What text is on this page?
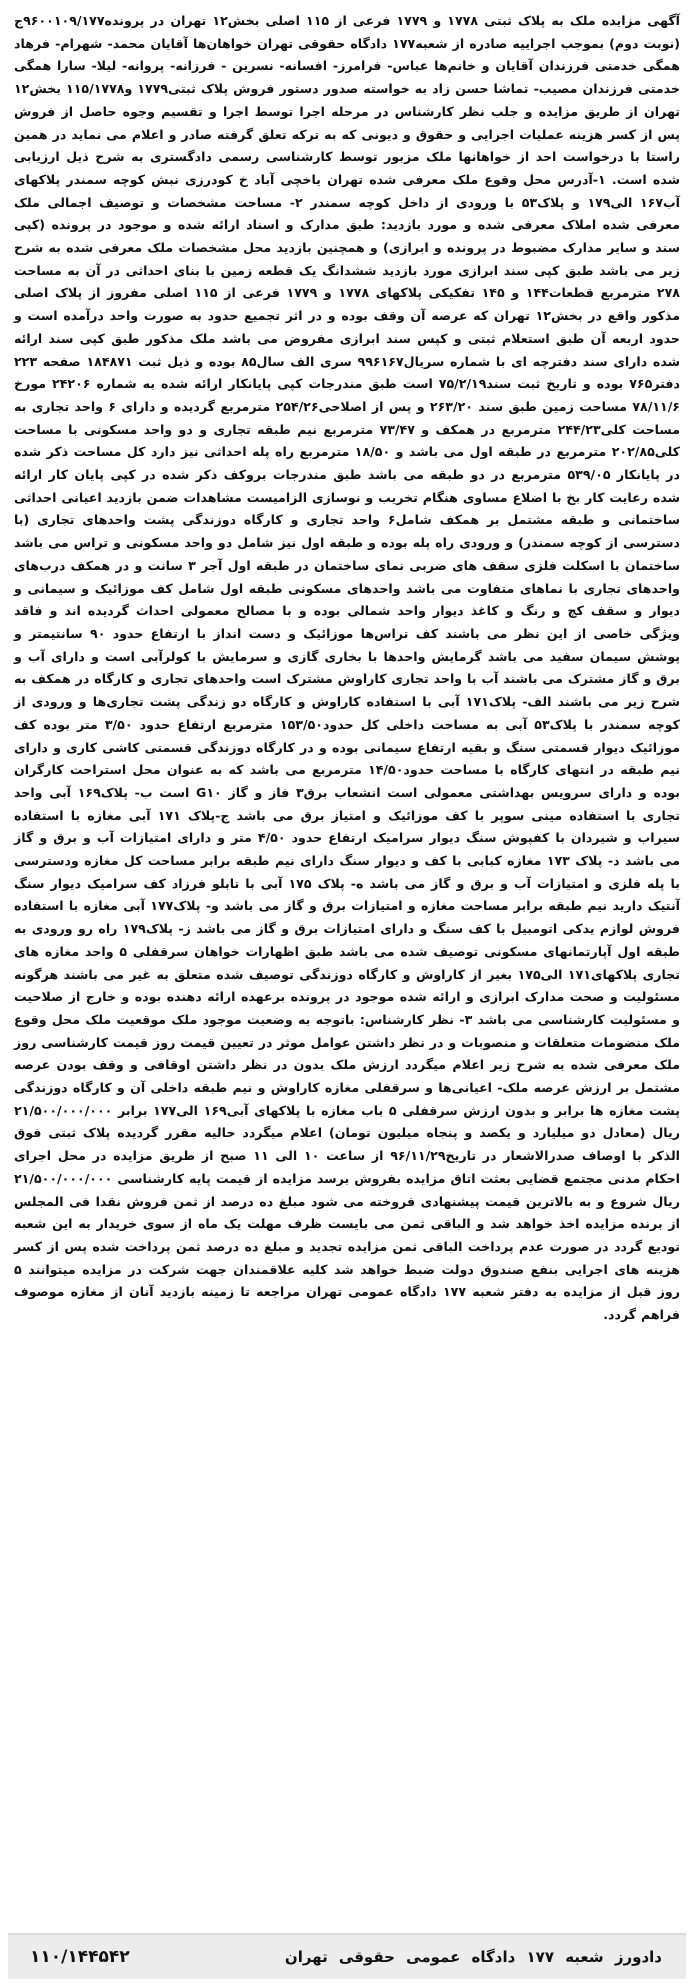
آگهی مزایده ملک به پلاک ثبتی ۱۷۷۸ و ۱۷۷۹ فرعی از ۱۱۵ اصلی بخش۱۲ تهران در پرونده۹۶۰۰۱۰۹/۱۷۷ج (نوبت دوم) بموجب اجراییه صادره از شعبه۱۷۷ دادگاه حقوقی تهران خواهان‌ها آقایان محمد- شهرام- فرهاد همگی خدمتی فرزندان آقایان و خانم‌ها عباس- فرامرز- افسانه- نسرین - فرزانه- پروانه- لیلا- سارا همگی خدمتی فرزندان مصیب- تماشا حسن زاد به خواسته صدور دستور فروش پلاک ثبتی۱۷۷۹ و۱۱۵/۱۷۷۸ بخش۱۲ تهران از طریق مزایده و جلب نظر کارشناس در مرحله اجرا توسط اجرا و تقسیم وجوه حاصل از فروش پس از کسر هزینه عملیات اجرایی و حقوق و دیونی که به ترکه تعلق گرفته صادر و اعلام می نماید در همین راستا با درخواست احد از خواهانها ملک مزبور توسط کارشناسی رسمی دادگستری به شرح ذیل ارزیابی شده است. ۱-آدرس محل وقوع ملک معرفی شده تهران یاخچی آباد خ کودرزی نبش کوچه سمندر پلاکهای آب۱۶۷ الی۱۷۹ و پلاک۵۳ با ورودی از داخل کوچه سمندر ۲- مساحت مشخصات و توصیف اجمالی ملک معرفی شده املاک معرفی شده و مورد بازدید: طبق مدارک و اسناد ارائه شده و موجود در پرونده (کپی سند و سایر مدارک مضبوط در پرونده و ابرازی) و همچنین بازدید محل مشخصات ملک معرفی شده به شرح زیر می باشد طبق کپی سند ابرازی مورد بازدید ششدانگ یک قطعه زمین با بنای احداثی در آن به مساحت ۲۷۸ مترمربع قطعات۱۴۴ و ۱۴۵ تفکیکی پلاکهای ۱۷۷۸ و ۱۷۷۹ فرعی از ۱۱۵ اصلی مفروز از پلاک اصلی مذکور واقع در بخش۱۲ تهران که عرصه آن وقف بوده و در اثر تجمیع حدود به صورت واحد درآمده است و حدود اربعه آن طبق استعلام ثبتی و کپس سند ابرازی مفروض می باشد ملک مذکور طبق کپی سند ارائه شده دارای سند دفترچه ای با شماره سریال۹۹۶۱۶۷ سری الف سال۸۵ بوده و ذیل ثبت ۱۸۴۸۷۱ صفحه ۲۲۳ دفتر۷۶۵ بوده و تاریخ ثبت سند۷۵/۲/۱۹ است طبق مندرجات کپی پایانکار ارائه شده به شماره ۲۴۲۰۶ مورخ ۷۸/۱۱/۶ مساحت زمین طبق سند ۲۶۳/۲۰ و پس از اصلاحی۲۵۴/۲۶ مترمربع گردیده و دارای ۶ واحد تجاری به مساحت کلی۲۴۴/۲۳ مترمربع در همکف و ۷۳/۴۷ مترمربع نیم طبقه تجاری و دو واحد مسکونی با مساحت کلی۲۰۲/۸۵ مترمربع در طبقه اول می باشد و ۱۸/۵۰ مترمربع راه پله احداثی نیز دارد کل مساحت ذکر شده در پایانکار ۵۳۹/۰۵ مترمربع در دو طبقه می باشد طبق مندرجات بروکف ذکر شده در کپی پایان کار ارائه شده رعایت کار بخ با اضلاع مساوی هنگام تخریب و نوسازی الزامیست مشاهدات ضمن بازدید اعیانی احداثی ساختمانی و طبقه مشتمل بر همکف شامل۶ واحد تجاری و کارگاه دوزندگی پشت واحدهای تجاری (با دسترسی از کوچه سمندر) و ورودی راه پله بوده و طبقه اول نیز شامل دو واحد مسکونی و تراس می باشد ساختمان با اسکلت فلزی سقف های ضربی نمای ساختمان در طبقه اول آجر ۳ سانت و در همکف درب‌های واحدهای تجاری با نماهای متفاوت می باشد واحدهای مسکونی طبقه اول شامل کف موزائیک و سیمانی و دیوار و سقف کچ و رنگ و کاغذ دیوار واحد شمالی بوده و با مصالح معمولی احداث گردیده اند و فاقد ویژگی خاصی از این نظر می باشند کف تراس‌ها موزائیک و دست انداز با ارتفاع حدود ۹۰ سانتیمتر و پوشش سیمان سفید می باشد گرمایش واحدها با بخاری گازی و سرمایش با کولرآبی است و دارای آب و برق و گاز مشترک می باشند آب با واحد تجاری کاراوش مشترک است واحدهای تجاری و کارگاه در همکف به شرح زیر می باشند الف- پلاک۱۷۱ آبی با استفاده کاراوش و کارگاه دو زندگی پشت تجاری‌ها و ورودی از کوچه سمندر با پلاک۵۳ آبی به مساحت داخلی کل حدود۱۵۳/۵۰ مترمربع ارتفاع حدود ۳/۵۰ متر بوده کف موزائیک دیوار قسمتی سنگ و بقیه ارتفاع سیمانی بوده و در کارگاه دوزندگی قسمتی کاشی کاری و دارای نیم طبقه در انتهای کارگاه با مساحت حدود۱۴/۵۰ مترمربع می باشد که به عنوان محل استراحت کارگران بوده و دارای سرویس بهداشتی معمولی است انشعاب برق۳ فاز و گاز G۱۰ است ب- پلاک۱۶۹ آبی واحد تجاری با استفاده مینی سوپر با کف موزائیک و امتیاز برق می باشد ج-پلاک ۱۷۱ آبی مغازه با استفاده سیراب و شیردان با کفپوش سنگ دیوار سرامیک ارتفاع حدود ۴/۵۰ متر و دارای امتیازات آب و برق و گاز می باشد د- پلاک ۱۷۳ مغازه کبابی با کف و دیوار سنگ دارای نیم طبقه برابر مساحت کل مغازه ودسترسی با پله فلزی و امتیازات آب و برق و گاز می باشد ه- پلاک ۱۷۵ آبی با تابلو فرزاد کف سرامیک دیوار سنگ آنتیک دارید نیم طبقه برابر مساحت مغازه و امتیازات برق و گاز می باشد و- پلاک۱۷۷ آبی مغازه با استفاده فروش لوازم یدکی اتومبیل با کف سنگ و دارای امتیازات برق و گاز می باشد ز- پلاک۱۷۹ راه رو ورودی به طبقه اول آپارتمانهای مسکونی توصیف شده می باشد طبق اظهارات خواهان سرقفلی ۵ واحد مغازه های تجاری پلاکهای۱۷۱ الی۱۷۵ بغیر از کاراوش و کارگاه دوزندگی توصیف شده متعلق به غیر می باشند هرگونه مسئولیت و صحت مدارک ابرازی و ارائه شده موجود در پرونده برعهده ارائه دهنده بوده و خارج از صلاحیت و مسئولیت کارشناسی می باشد ۳- نظر کارشناس: باتوجه به وضعیت موجود ملک موقعیت ملک محل وقوع ملک منضومات متعلقات و منصوبات و در نظر داشتن عوامل موثر در تعیین قیمت روز قیمت کارشناسی روز ملک معرفی شده به شرح زیر اعلام میگردد ارزش ملک بدون در نظر داشتن اوقافی و وقف بودن عرصه مشتمل بر ارزش عرصه ملک- اعیانی‌ها و سرقفلی مغازه کاراوش و نیم طبقه داخلی آن و کارگاه دوزندگی پشت مغازه ها برابر و بدون ارزش سرقفلی ۵ باب مغازه با پلاکهای آبی۱۶۹ الی۱۷۷ برابر ۲۱/۵۰۰/۰۰۰/۰۰۰ ریال (معادل دو میلیارد و یکصد و پنجاه میلیون تومان) اعلام میگردد حالیه مقرر گردیده پلاک ثبتی فوق الذکر با اوصاف صدرالاشعار در تاریخ۹۶/۱۱/۲۹ از ساعت ۱۰ الی ۱۱ صبح از طریق مزایده در محل اجرای احکام مدنی مجتمع قضایی بعثت اتاق مزایده بفروش برسد مزایده از قیمت پایه کارشناسی ۲۱/۵۰۰/۰۰۰/۰۰۰ ریال شروع و به بالاترین قیمت پیشنهادی فروخته می شود مبلغ ده درصد از ثمن فروش نقدا فی المجلس از برنده مزایده اخذ خواهد شد و الباقی ثمن می بایست ظرف مهلت یک ماه از سوی خریدار به این شعبه تودیع گردد در صورت عدم پرداخت الباقی ثمن مزایده تجدید و مبلغ ده درصد ثمن پرداخت شده پس از کسر هزینه های اجرایی بنفع صندوق دولت ضبط خواهد شد کلیه علاقمندان جهت شرکت در مزایده میتوانند ۵ روز قبل از مزایده به دفتر شعبه ۱۷۷ دادگاه عمومی تهران مراجعه تا زمینه بازدید آنان از مغازه موصوف فراهم گردد.
دادورز شعبه ۱۷۷ دادگاه عمومی حقوقی تهران
۱۱۰/۱۴۴۵۴۲
